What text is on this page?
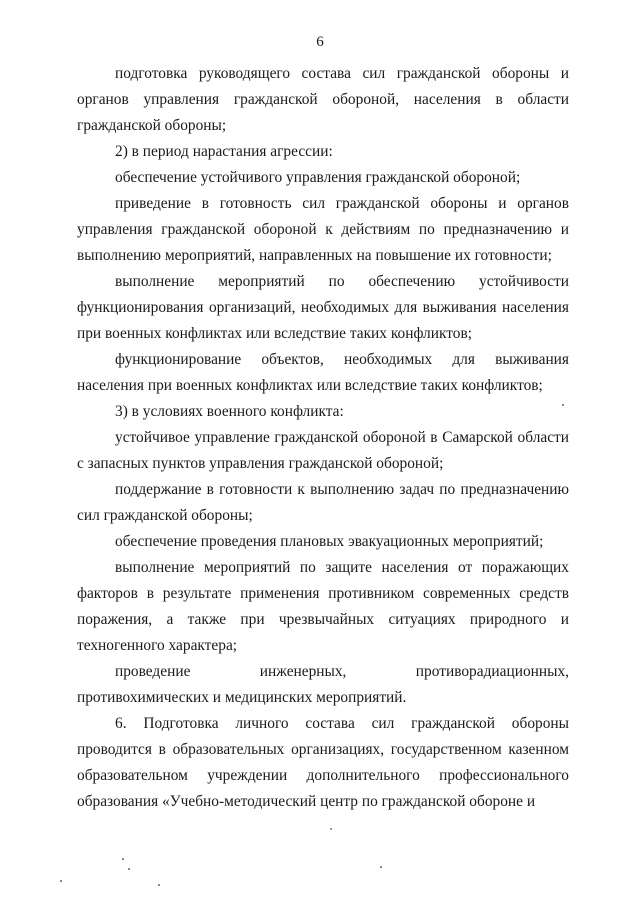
6

подготовка руководящего состава сил гражданской обороны и органов управления гражданской обороной, населения в области гражданской обороны;

2) в период нарастания агрессии:

обеспечение устойчивого управления гражданской обороной;

приведение в готовность сил гражданской обороны и органов управления гражданской обороной к действиям по предназначению и выполнению мероприятий, направленных на повышение их готовности;

выполнение мероприятий по обеспечению устойчивости функционирования организаций, необходимых для выживания населения при военных конфликтах или вследствие таких конфликтов;

функционирование объектов, необходимых для выживания населения при военных конфликтах или вследствие таких конфликтов;

3) в условиях военного конфликта:

устойчивое управление гражданской обороной в Самарской области с запасных пунктов управления гражданской обороной;

поддержание в готовности к выполнению задач по предназначению сил гражданской обороны;

обеспечение проведения плановых эвакуационных мероприятий;

выполнение мероприятий по защите населения от поражающих факторов в результате применения противником современных средств поражения, а также при чрезвычайных ситуациях природного и техногенного характера;

проведение инженерных, противорадиационных, противохимических и медицинских мероприятий.

6. Подготовка личного состава сил гражданской обороны проводится в образовательных организациях, государственном казенном образовательном учреждении дополнительного профессионального образования «Учебно-методический центр по гражданской обороне и
